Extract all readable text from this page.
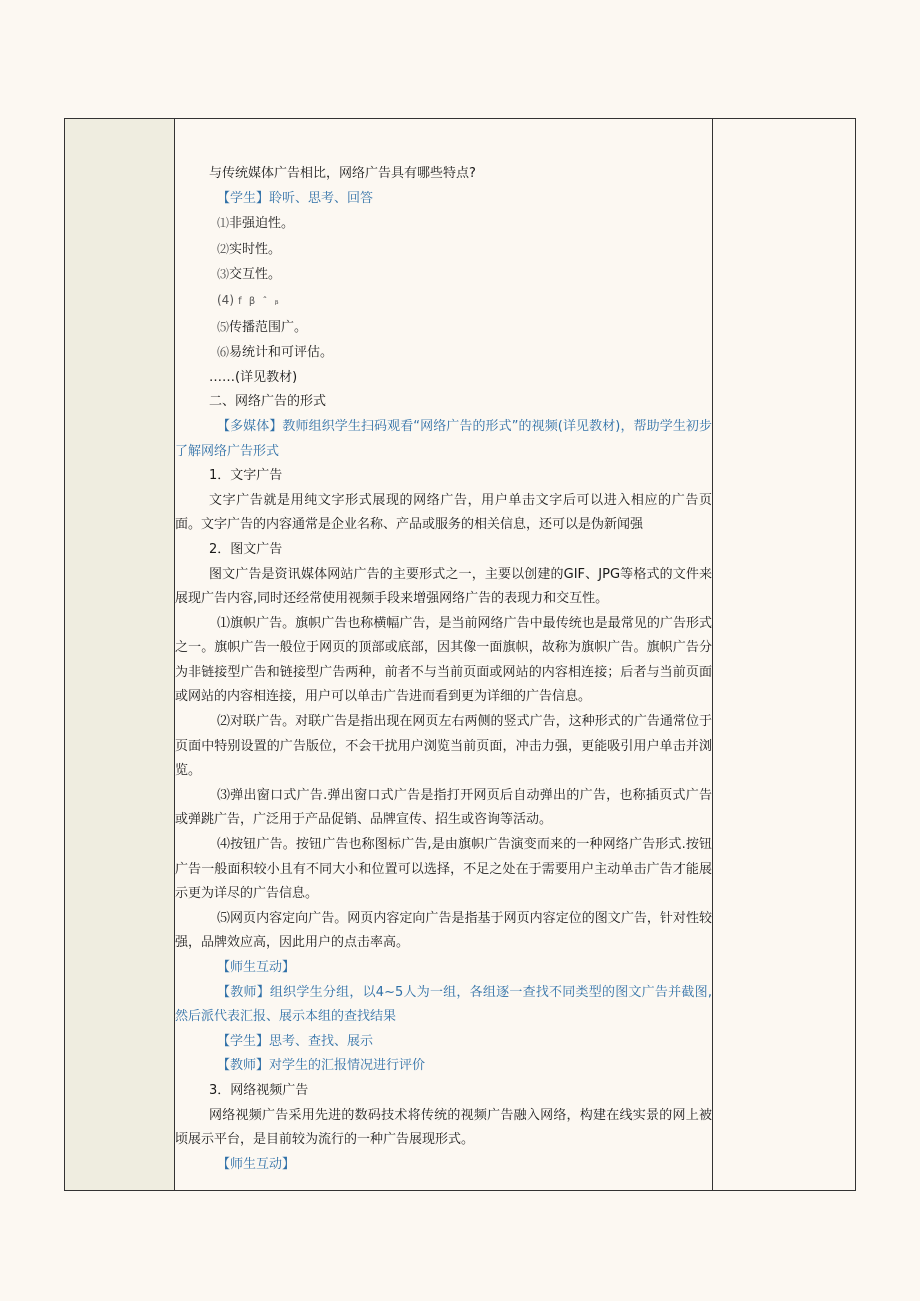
与传统媒体广告相比，网络广告具有哪些特点?

【学生】聆听、思考、回答

⑴非强迫性。

⑵实时性。

⑶交互性。

(4) f β ˆ ᵦ

⑸传播范围广。

⑹易统计和可评估。

……(详见教材)

二、网络广告的形式

【多媒体】教师组织学生扫码观看“网络广告的形式”的视频(详见教材)，帮助学生初步了解网络广告形式

1．文字广告

文字广告就是用纯文字形式展现的网络广告，用户单击文字后可以进入相应的广告页面。文字广告的内容通常是企业名称、产品或服务的相关信息，还可以是伪新闻强

2．图文广告

图文广告是资讯媒体网站广告的主要形式之一，主要以创建的GIF、JPG等格式的文件来展现广告内容,同时还经常使用视频手段来增强网络广告的表现力和交互性。

⑴旗帜广告。旗帜广告也称横幅广告，是当前网络广告中最传统也是最常见的广告形式之一。旗帜广告一般位于网页的顶部或底部，因其像一面旗帜，故称为旗帜广告。旗帜广告分为非链接型广告和链接型广告两种，前者不与当前页面或网站的内容相连接；后者与当前页面或网站的内容相连接，用户可以单击广告进而看到更为详细的广告信息。

⑵对联广告。对联广告是指出现在网页左右两侧的竖式广告，这种形式的广告通常位于页面中特别设置的广告版位，不会干扰用户浏览当前页面，冲击力强，更能吸引用户单击并浏览。

⑶弹出窗口式广告.弹出窗口式广告是指打开网页后自动弹出的广告，也称插页式广告或弹跳广告，广泛用于产品促销、品牌宣传、招生或咨询等活动。

⑷按钮广告。按钮广告也称图标广告,是由旗帜广告演变而来的一种网络广告形式.按钮广告一般面积较小且有不同大小和位置可以选择，不足之处在于需要用户主动单击广告才能展示更为详尽的广告信息。

⑸网页内容定向广告。网页内容定向广告是指基于网页内容定位的图文广告，针对性较强，品牌效应高，因此用户的点击率高。

【师生互动】

【教师】组织学生分组，以4~5人为一组，各组逐一查找不同类型的图文广告并截图,然后派代表汇报、展示本组的查找结果

【学生】思考、查找、展示

【教师】对学生的汇报情况进行评价

3．网络视频广告

网络视频广告采用先进的数码技术将传统的视频广告融入网络，构建在线实景的网上被顷展示平台，是目前较为流行的一种广告展现形式。

【师生互动】
